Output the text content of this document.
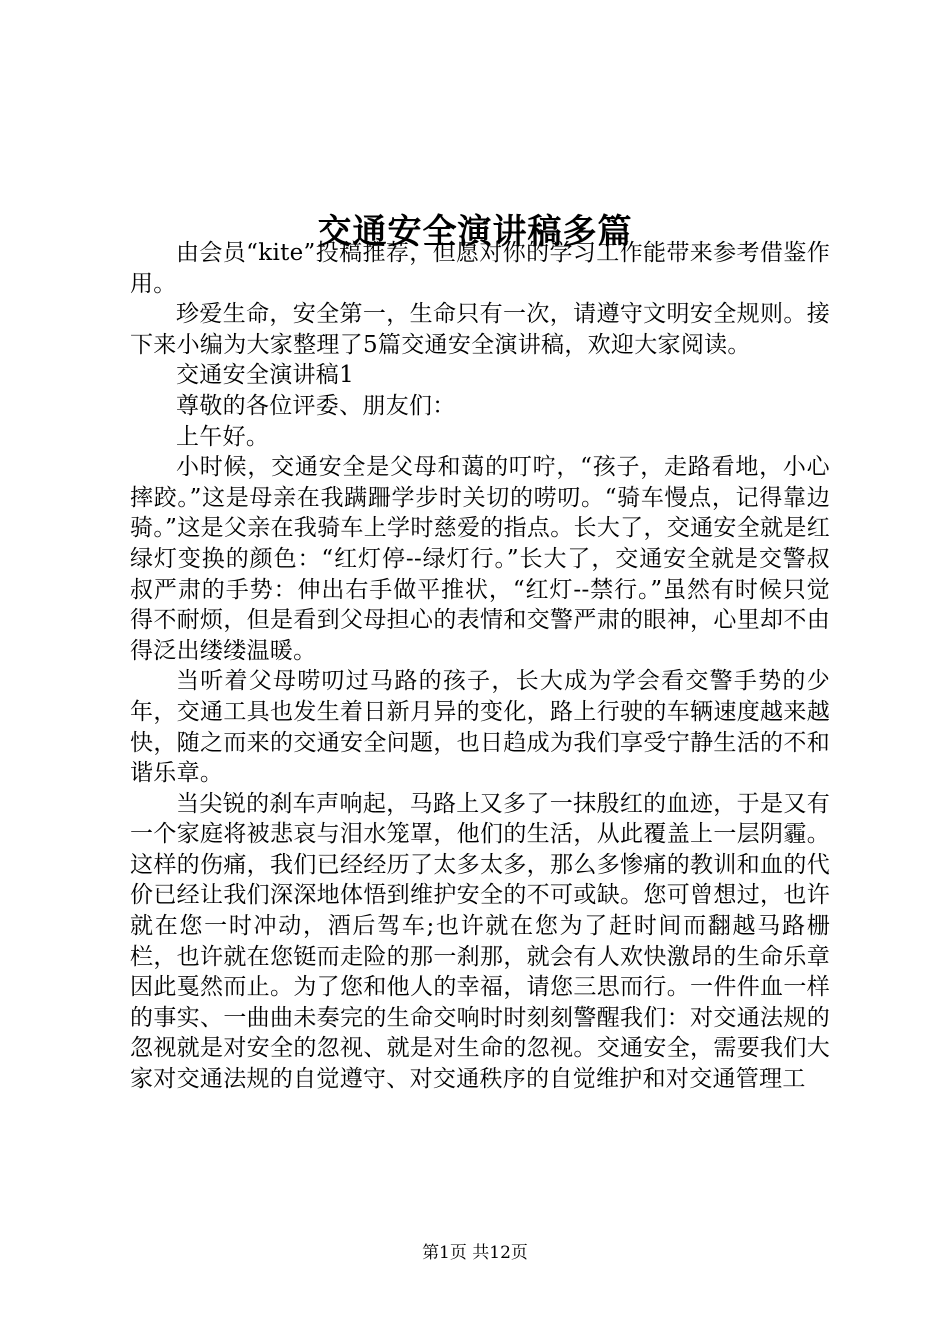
交通安全演讲稿多篇

由会员“kite”投稿推荐，但愿对你的学习工作能带来参考借鉴作用。

珍爱生命，安全第一，生命只有一次，请遵守文明安全规则。接下来小编为大家整理了5篇交通安全演讲稿，欢迎大家阅读。

交通安全演讲稿1

尊敬的各位评委、朋友们：

上午好。

小时候，交通安全是父母和蔼的叮咛，“孩子，走路看地，小心摔跤。”这是母亲在我蹒跚学步时关切的唠叨。“骑车慢点，记得靠边骑。”这是父亲在我骑车上学时慈爱的指点。长大了，交通安全就是红绿灯变换的颜色：“红灯停--绿灯行。”长大了，交通安全就是交警叔叔严肃的手势：伸出右手做平推状，“红灯--禁行。”虽然有时候只觉得不耐烦，但是看到父母担心的表情和交警严肃的眼神，心里却不由得泛出缕缕温暖。

当听着父母唠叨过马路的孩子，长大成为学会看交警手势的少年，交通工具也发生着日新月异的变化，路上行驶的车辆速度越来越快，随之而来的交通安全问题，也日趋成为我们享受宁静生活的不和谐乐章。

当尖锐的刹车声响起，马路上又多了一抹殷红的血迹，于是又有一个家庭将被悲哀与泪水笼罩，他们的生活，从此覆盖上一层阴霾。这样的伤痛，我们已经经历了太多太多，那么多惨痛的教训和血的代价已经让我们深深地体悟到维护安全的不可或缺。您可曾想过，也许就在您一时冲动，酒后驾车;也许就在您为了赶时间而翻越马路栅栏，也许就在您铤而走险的那一刹那，就会有人欢快激昂的生命乐章因此戛然而止。为了您和他人的幸福，请您三思而行。一件件血一样的事实、一曲曲未奏完的生命交响时时刻刻警醒我们：对交通法规的忽视就是对安全的忽视、就是对生命的忽视。交通安全，需要我们大家对交通法规的自觉遵守、对交通秩序的自觉维护和对交通管理工

第1页 共12页
